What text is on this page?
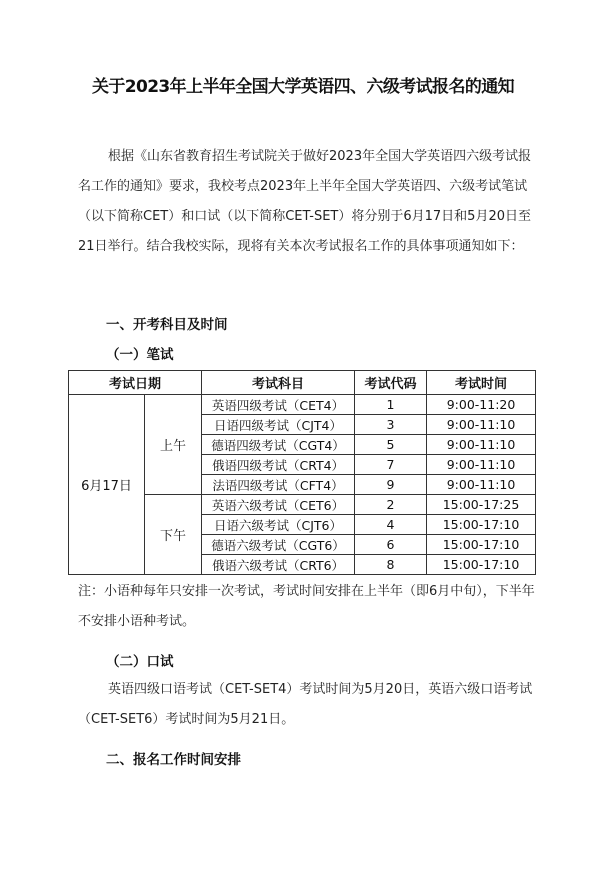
关于2023年上半年全国大学英语四、六级考试报名的通知
根据《山东省教育招生考试院关于做好2023年全国大学英语四六级考试报名工作的通知》要求，我校考点2023年上半年全国大学英语四、六级考试笔试（以下简称CET）和口试（以下简称CET-SET）将分别于6月17日和5月20日至21日举行。结合我校实际，现将有关本次考试报名工作的具体事项通知如下：
一、开考科目及时间
（一）笔试
考试日期		考试科目	考试代码	考试时间
6月17日	上午	英语四级考试（CET4）	1	9:00-11:20
		日语四级考试（CJT4）	3	9:00-11:10
		德语四级考试（CGT4）	5	9:00-11:10
		俄语四级考试（CRT4）	7	9:00-11:10
		法语四级考试（CFT4）	9	9:00-11:10
	下午	英语六级考试（CET6）	2	15:00-17:25
		日语六级考试（CJT6）	4	15:00-17:10
		德语六级考试（CGT6）	6	15:00-17:10
		俄语六级考试（CRT6）	8	15:00-17:10
注：小语种每年只安排一次考试，考试时间安排在上半年（即6月中旬），下半年不安排小语种考试。
（二）口试
英语四级口语考试（CET-SET4）考试时间为5月20日，英语六级口语考试（CET-SET6）考试时间为5月21日。
二、报名工作时间安排
